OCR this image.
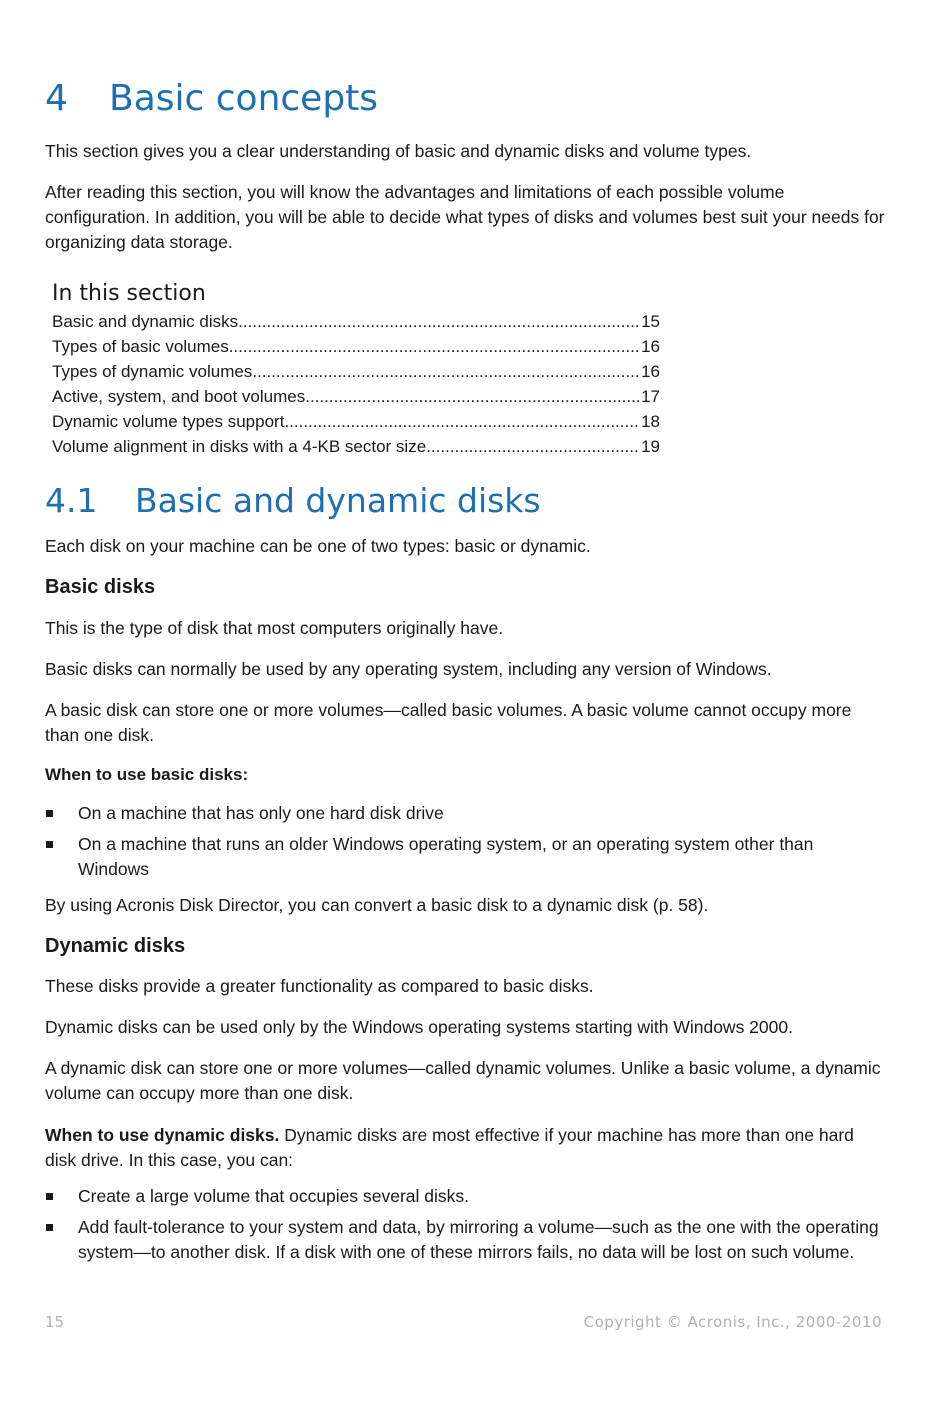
4 Basic concepts

This section gives you a clear understanding of basic and dynamic disks and volume types.

After reading this section, you will know the advantages and limitations of each possible volume configuration. In addition, you will be able to decide what types of disks and volumes best suit your needs for organizing data storage.

In this section
Basic and dynamic disks .....	15
Types of basic volumes .....	16
Types of dynamic volumes .....	16
Active, system, and boot volumes .....	17
Dynamic volume types support .....	18
Volume alignment in disks with a 4-KB sector size .....	19
4.1 Basic and dynamic disks

Each disk on your machine can be one of two types: basic or dynamic.

Basic disks

This is the type of disk that most computers originally have.

Basic disks can normally be used by any operating system, including any version of Windows.

A basic disk can store one or more volumes—called basic volumes. A basic volume cannot occupy more than one disk.

When to use basic disks:

On a machine that has only one hard disk drive
On a machine that runs an older Windows operating system, or an operating system other than Windows

By using Acronis Disk Director, you can convert a basic disk to a dynamic disk (p. 58).

Dynamic disks

These disks provide a greater functionality as compared to basic disks.

Dynamic disks can be used only by the Windows operating systems starting with Windows 2000.

A dynamic disk can store one or more volumes—called dynamic volumes. Unlike a basic volume, a dynamic volume can occupy more than one disk.

When to use dynamic disks. Dynamic disks are most effective if your machine has more than one hard disk drive. In this case, you can:

Create a large volume that occupies several disks.
Add fault-tolerance to your system and data, by mirroring a volume—such as the one with the operating system—to another disk. If a disk with one of these mirrors fails, no data will be lost on such volume.
15	Copyright © Acronis, Inc., 2000-2010
